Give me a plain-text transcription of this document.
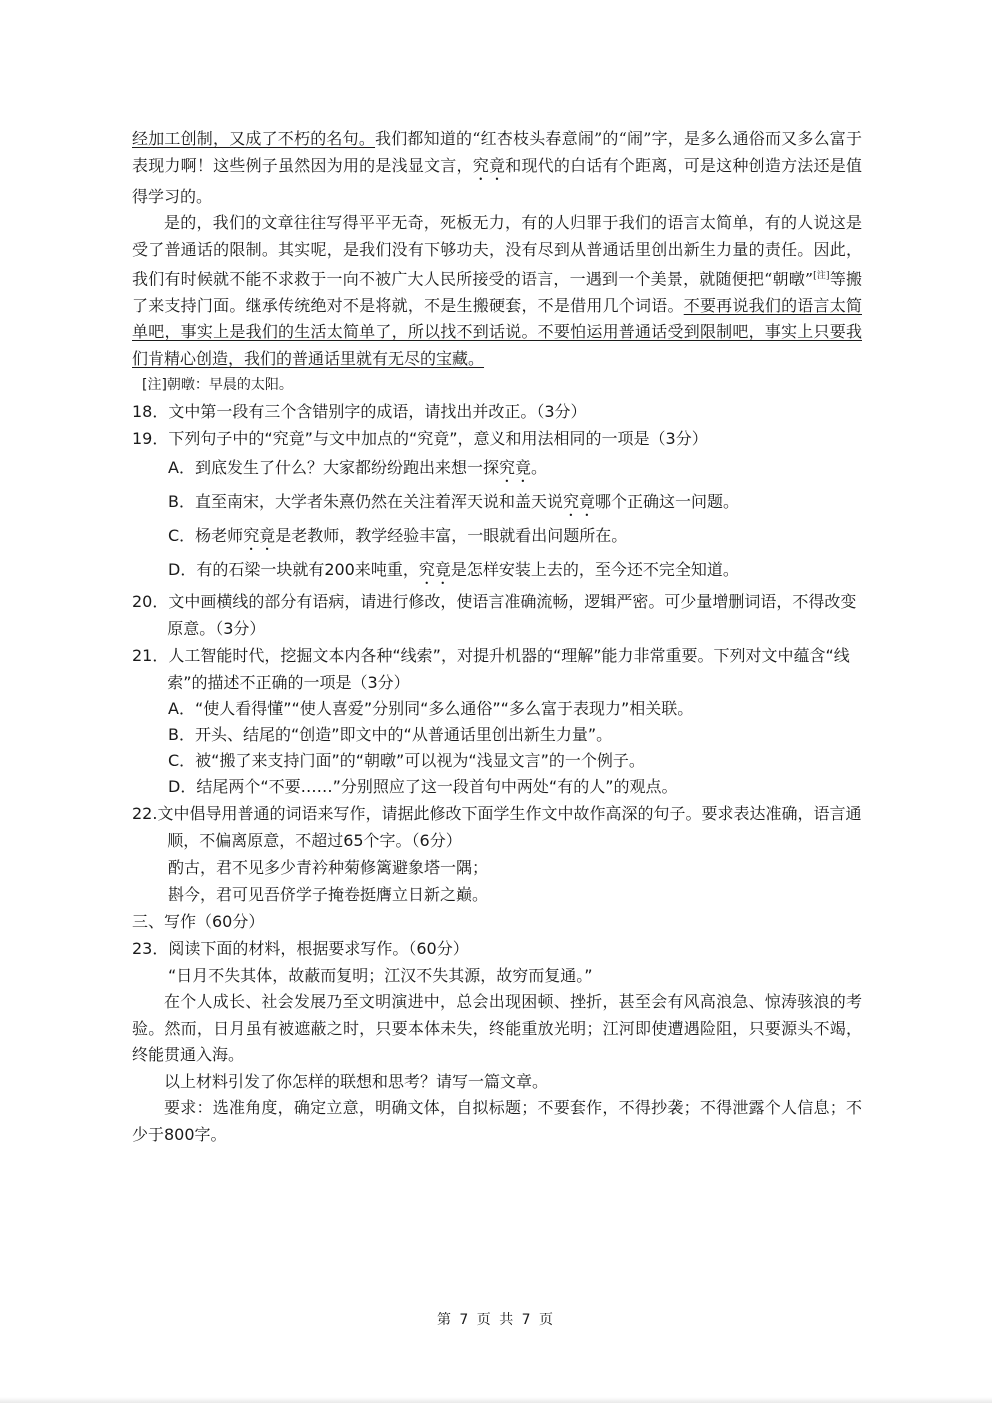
经加工创制，又成了不朽的名句。我们都知道的“红杏枝头春意闹”的“闹”字，是多么通俗而又多么富于表现力啊！这些例子虽然因为用的是浅显文言，究竟和现代的白话有个距离，可是这种创造方法还是值得学习的。

是的，我们的文章往往写得平平无奇，死板无力，有的人归罪于我们的语言太简单，有的人说这是受了普通话的限制。其实呢，是我们没有下够功夫，没有尽到从普通话里创出新生力量的责任。因此，我们有时候就不能不求救于一向不被广大人民所接受的语言，一遇到一个美景，就随便把“朝暾”[注]等搬了来支持门面。继承传统绝对不是将就，不是生搬硬套，不是借用几个词语。不要再说我们的语言太简单吧，事实上是我们的生活太简单了，所以找不到话说。不要怕运用普通话受到限制吧，事实上只要我们肯精心创造，我们的普通话里就有无尽的宝藏。

[注]朝暾：早晨的太阳。

18．文中第一段有三个含错别字的成语，请找出并改正。（3分）

19．下列句子中的“究竟”与文中加点的“究竟”，意义和用法相同的一项是（3分）

A．到底发生了什么？大家都纷纷跑出来想一探究竟。

B．直至南宋，大学者朱熹仍然在关注着浑天说和盖天说究竟哪个正确这一问题。

C．杨老师究竟是老教师，教学经验丰富，一眼就看出问题所在。

D．有的石梁一块就有200来吨重，究竟是怎样安装上去的，至今还不完全知道。

20．文中画横线的部分有语病，请进行修改，使语言准确流畅，逻辑严密。可少量增删词语，不得改变原意。（3分）

21．人工智能时代，挖掘文本内各种“线索”，对提升机器的“理解”能力非常重要。下列对文中蕴含“线索”的描述不正确的一项是（3分）

A．“使人看得懂”“使人喜爱”分别同“多么通俗”“多么富于表现力”相关联。

B．开头、结尾的“创造”即文中的“从普通话里创出新生力量”。

C．被“搬了来支持门面”的“朝暾”可以视为“浅显文言”的一个例子。

D．结尾两个“不要……”分别照应了这一段首句中两处“有的人”的观点。

22.文中倡导用普通的词语来写作，请据此修改下面学生作文中故作高深的句子。要求表达准确，语言通顺，不偏离原意，不超过65个字。（6分）

酌古，君不见多少青衿种菊修篱避象塔一隅；

斟今，君可见吾侪学子掩卷挺膺立日新之巅。

三、写作（60分）

23．阅读下面的材料，根据要求写作。（60分）

“日月不失其体，故蔽而复明；江汉不失其源，故穷而复通。”

在个人成长、社会发展乃至文明演进中，总会出现困顿、挫折，甚至会有风高浪急、惊涛骇浪的考验。然而，日月虽有被遮蔽之时，只要本体未失，终能重放光明；江河即使遭遇险阻，只要源头不竭，终能贯通入海。

以上材料引发了你怎样的联想和思考？请写一篇文章。

要求：选准角度，确定立意，明确文体，自拟标题；不要套作，不得抄袭；不得泄露个人信息；不少于800字。

第 7 页 共 7 页
